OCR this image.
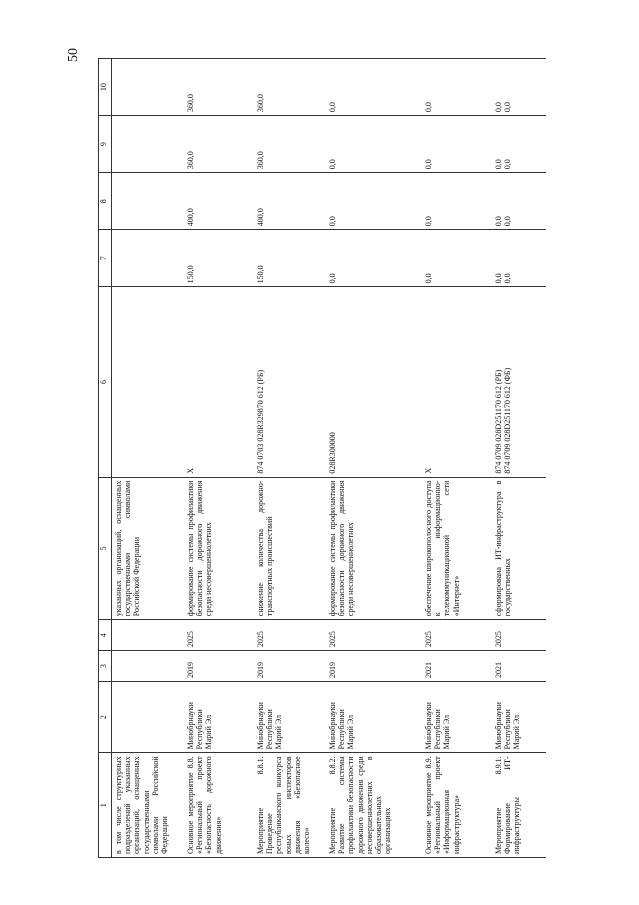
50
1	2	3	4	5	6	7	8	9	10
в том числе структурных подразделений указанных организаций, оснащенных государственными символами Российской Федерации				указанных организаций, оснащенных государственными символами Российской Федерации					
Основное мероприятие 8.8. «Региональный проект «Безопасность дорожного движения»	Минобрнауки Республики Марий Эл	2019	2025	формирование системы профилактики безопасности дорожного движения среди несовершеннолетних	Х	150,0	400,0	360,0	360,0
Мероприятие 8.8.1. Проведение республиканского конкурса юных инспекторов движения «Безопасное колесо»	Минобрнауки Республики Марий Эл	2019	2025	снижение количества дорожно-транспортных происшествий	874 0703 028R329870 612 (РБ)	150,0	400,0	360,0	360,0
Мероприятие 8.8.2. Развитие системы профилактики безопасности дорожного движения среди несовершеннолетних в образовательных организациях	Минобрнауки Республики Марий Эл	2019	2025	формирование системы профилактики безопасности дорожного движения среди несовершеннолетних	028R300000	0,0	0,0	0,0	0,0
Основное мероприятие 8.9. «Региональный проект «Информационная инфраструктура»	Минобрнауки Республики Марий Эл	2021	2025	обеспечение широкополосного доступа к информационно-телекоммуникационной сети «Интернет»	Х	0,0	0,0	0,0	0,0
Мероприятие 8.9.1. Формирование ИТ-инфраструктуры	Минобрнауки Республики Марий Эл	2021	2025	сформирована ИТ-инфраструктура в государственных	874 0709 028D251170 612 (РБ) 874 0709 028D251170 612 (ФБ)	0,0 0,0	0,0 0,0	0,0 0,0	0,0 0,0
